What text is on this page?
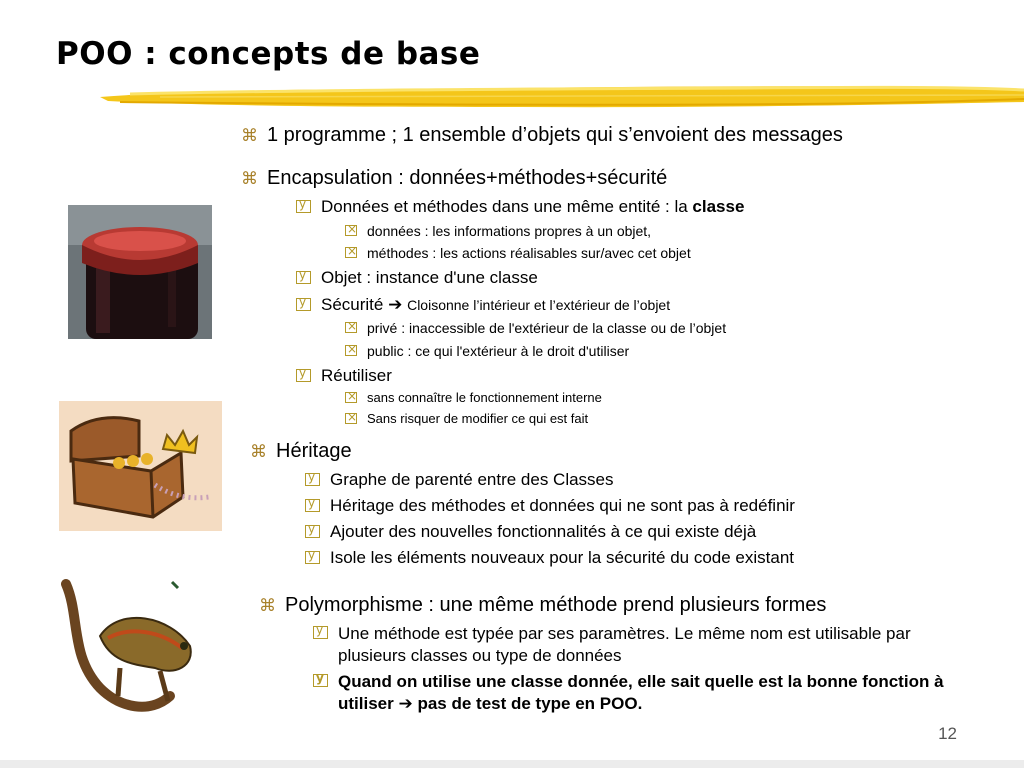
POO : concepts de base
⌘ 1 programme ; 1 ensemble d’objets qui s’envoient des messages
⌘ Encapsulation : données+méthodes+sécurité
y
Données et méthodes dans une même entité : la classe
×
données : les informations propres à un objet,
×
méthodes : les actions réalisables sur/avec cet objet
y
Objet : instance d'une classe
y
Sécurité ➔ Cloisonne l’intérieur et l’extérieur de l’objet
×
privé : inaccessible de l'extérieur de la classe ou de l’objet
×
public : ce qui l'extérieur à le droit d'utiliser
y
Réutiliser
×
sans connaître le fonctionnement interne
×
Sans risquer de modifier ce qui est fait
⌘ Héritage
y
Graphe de parenté entre des Classes
y
Héritage des méthodes et données qui ne sont pas à redéfinir
y
Ajouter des nouvelles fonctionnalités à ce qui existe déjà
y
Isole les éléments nouveaux pour la sécurité du code existant
⌘ Polymorphisme : une même méthode prend plusieurs formes
y
Une méthode est typée par ses paramètres. Le même nom est utilisable par plusieurs classes ou type de données
y
Quand on utilise une classe donnée, elle sait quelle est la bonne fonction à utiliser ➔ pas de test de type en POO.
12
